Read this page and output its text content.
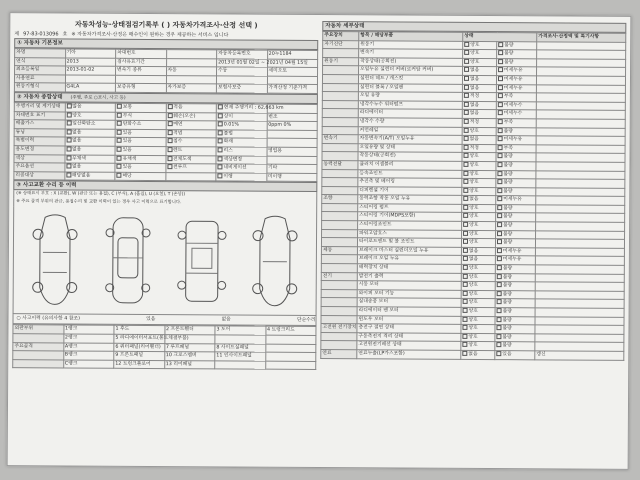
자동차성능·상태점검기록부 ( ) 자동차가격조사·산정 선택 )
제 97-83-013096 호 ※ 자동차가격조사·산정은 매수인이 원하는 경우 제공하는 서비스 입니다
① 자동차 기본정보
차명	기아	차대번호		자동차등록번호	20누1184
연식	2013	검사유효기간		2013년 01월 02일 ~ 2021년 04월 15일	
최초등록일	2013-01-02	변속기 종류	자동	수동	세미오토
사용연료					
원동기형식	G4LA	보증유형	자가보증	보험사보증	가격산정 기준가격
② 자동차 종합상태 (주행, 주로 ○표시, 사고 등)
주행거리 및 계기상태	많음	보통	적음	현재 주행거리 : 62,663 km	
차대번호 표기	양호	부식	훼손(오손)	상이	변조
배출가스	일산화탄소	탄화수소	매연	0.01%	0ppm 0%
튜닝	없음	있음	적법	불법	
특별이력	없음	있음	침수	화재	
용도변경	없음	있음	렌트	리스	영업용
색상	무채색	유채색	전체도색	색상변경	
주요옵션	없음	있음	썬루프	네비게이션	기타
리콜대상	해당없음	해당		이행	미이행
③ 사고교환 수리 등 이력
(※ 상태표시 부호 : X (교환), W (판금 또는 용접), C (부식), A (흠집), U (요철), T (손상))
※ 주요 골격 부위의 판금, 용접수리 및 교환 이력이 있는 경우 사고 이력으로 표기합니다.
○ 사고이력 (유의사항 4 참조)	있음	없음	단순수리
외판부위	1랭크	1 후드	2 프론트휀더	3 도어	4 트렁크리드
	2랭크	5 라디에이터서포트(볼트체결부품)			
주요골격	A랭크	6 쿼터패널(리어휀더)	7 루프패널	8 사이드실패널	
	B랭크	9 프론트패널	10 크로스멤버	11 인사이드패널	
	C랭크	12 트렁크플로어	13 리어패널		
자동차 세부상태
주요장치	항목 / 해당부품	상태		가격조사·산정액 및 특기사항
자기진단	원동기	양호	불량	
	변속기	양호	불량	
원동기	작동상태(공회전)	양호	불량	
	오일누유 실린더 커버(로커암 커버)	없음	미세누유	
	실린더 헤드 / 개스킷	없음	미세누유	
	실린더 블록 / 오일팬	없음	미세누유	
	오일 유량	적정	부족	
	냉각수누수 워터펌프	없음	미세누수	
	라디에이터	없음	미세누수	
	냉각수 수량	적정	부족	
	커먼레일	양호	불량	
변속기	자동변속기(A/T) 오일누유	없음	미세누유	
	오일유량 및 상태	적정	부족	
	작동상태(공회전)	양호	불량	
동력전달	클러치 어셈블리	양호	불량	
	등속조인트	양호	불량	
	추진축 및 베어링	양호	불량	
	디퍼렌셜 기어	양호	불량	
조향	동력조향 작동 오일 누유	없음	미세누유	
	스티어링 펌프	양호	불량	
	스티어링 기어(MDPS포함)	양호	불량	
	스티어링조인트	양호	불량	
	파워고압호스	양호	불량	
	타이로드엔드 및 볼 조인트	양호	불량	
제동	브레이크 마스터 실린더오일 누유	없음	미세누유	
	브레이크 오일 누유	없음	미세누유	
	배력장치 상태	양호	불량	
전기	발전기 출력	양호	불량	
	시동 모터	양호	불량	
	와이퍼 모터 기능	양호	불량	
	실내송풍 모터	양호	불량	
	라디에이터 팬 모터	양호	불량	
	윈도우 모터	양호	불량	
고전원 전기장치	충전구 절연 상태	양호	불량	
	구동축전지 격리 상태	양호	불량	
	고전원전기배선 상태	양호	불량	
연료	연료누출(LP가스포함)	없음	있음	갱신
